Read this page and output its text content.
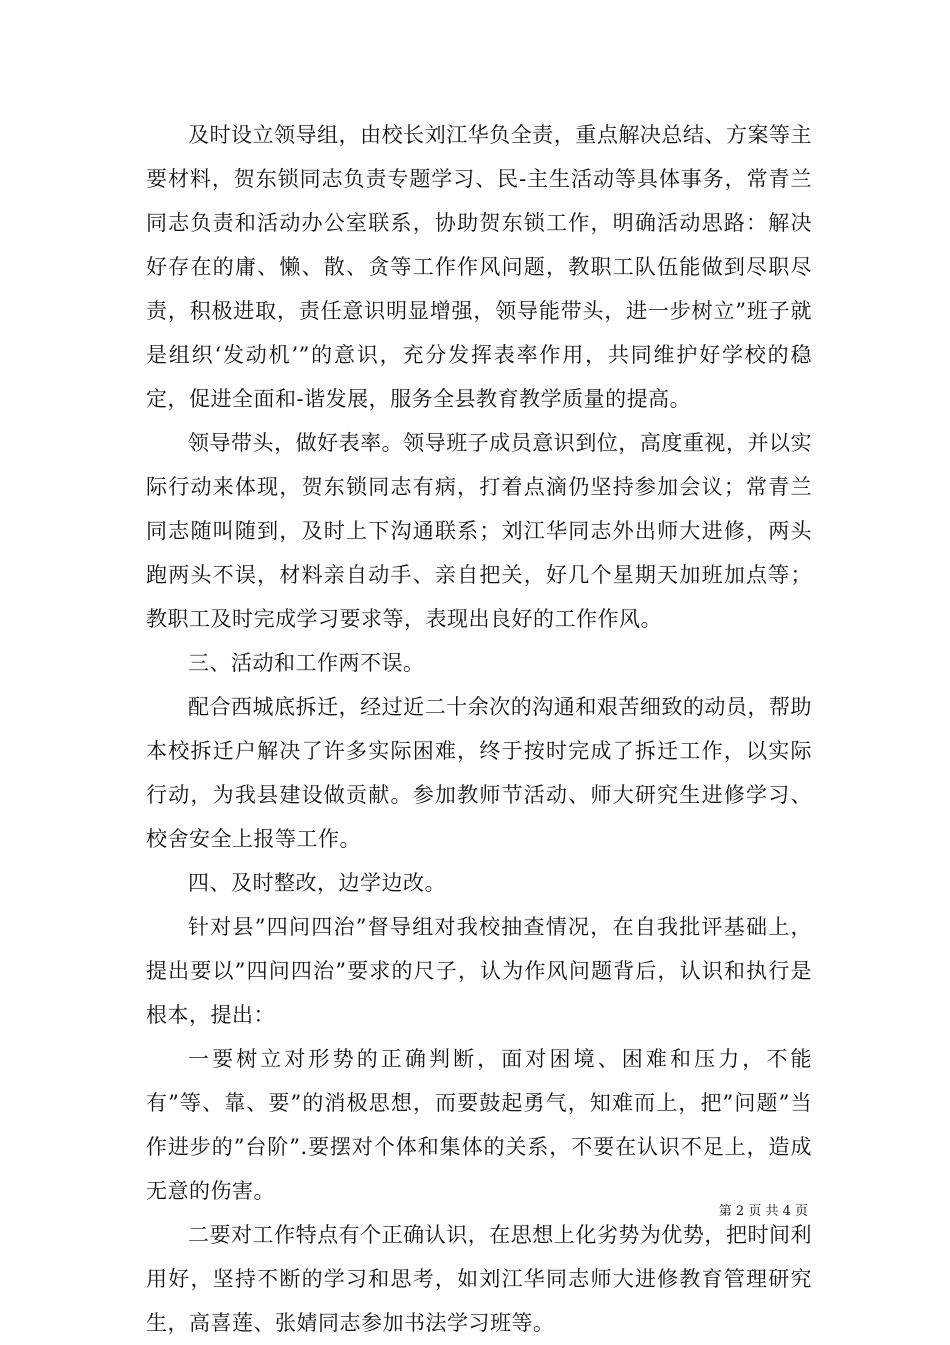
及时设立领导组，由校长刘江华负全责，重点解决总结、方案等主要材料，贺东锁同志负责专题学习、民-主生活动等具体事务，常青兰同志负责和活动办公室联系，协助贺东锁工作，明确活动思路：解决好存在的庸、懒、散、贪等工作作风问题，教职工队伍能做到尽职尽责，积极进取，责任意识明显增强，领导能带头，进一步树立”班子就是组织‘发动机’”的意识，充分发挥表率作用，共同维护好学校的稳定，促进全面和-谐发展，服务全县教育教学质量的提高。

领导带头，做好表率。领导班子成员意识到位，高度重视，并以实际行动来体现，贺东锁同志有病，打着点滴仍坚持参加会议；常青兰同志随叫随到，及时上下沟通联系；刘江华同志外出师大进修，两头跑两头不误，材料亲自动手、亲自把关，好几个星期天加班加点等；教职工及时完成学习要求等，表现出良好的工作作风。

三、活动和工作两不误。

配合西城底拆迁，经过近二十余次的沟通和艰苦细致的动员，帮助本校拆迁户解决了许多实际困难，终于按时完成了拆迁工作，以实际行动，为我县建设做贡献。参加教师节活动、师大研究生进修学习、校舍安全上报等工作。

四、及时整改，边学边改。

针对县”四问四治”督导组对我校抽查情况，在自我批评基础上，提出要以”四问四治”要求的尺子，认为作风问题背后，认识和执行是根本，提出：

一要树立对形势的正确判断，面对困境、困难和压力，不能有”等、靠、要”的消极思想，而要鼓起勇气，知难而上，把”问题”当作进步的”台阶”.要摆对个体和集体的关系，不要在认识不足上，造成无意的伤害。

二要对工作特点有个正确认识，在思想上化劣势为优势，把时间利用好，坚持不断的学习和思考，如刘江华同志师大进修教育管理研究生，高喜莲、张婧同志参加书法学习班等。

第 2 页 共 4 页
